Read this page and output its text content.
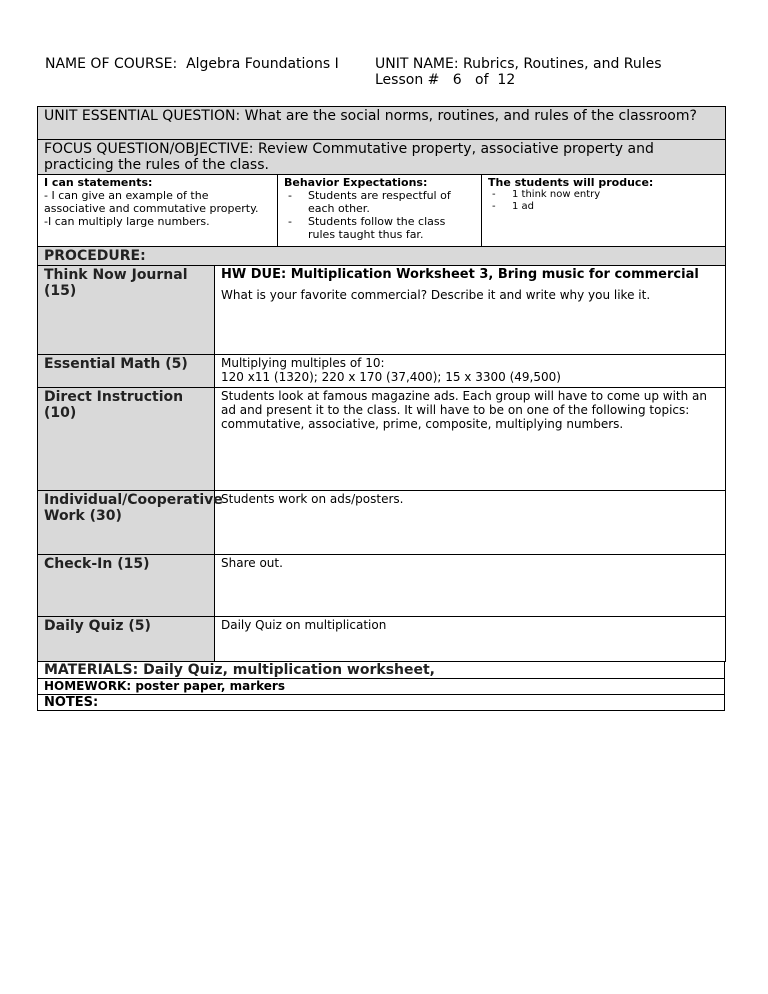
NAME OF COURSE: Algebra Foundations I	UNIT NAME: Rubrics, Routines, and Rules
Lesson # 6 of 12
UNIT ESSENTIAL QUESTION: What are the social norms, routines, and rules of the classroom?
FOCUS QUESTION/OBJECTIVE: Review Commutative property, associative property and practicing the rules of the class.

I can statements:
- I can give an example of the
associative and commutative property.
-I can multiply large numbers.

Behavior Expectations:
- Students are respectful of each other.
- Students follow the class rules taught thus far.

The students will produce:
- 1 think now entry
- 1 ad
PROCEDURE:	
Think Now Journal (15)	HW DUE: Multiplication Worksheet 3, Bring music for commercial
What is your favorite commercial? Describe it and write why you like it.

Essential Math (5)	Multiplying multiples of 10:
120 x11 (1320); 220 x 170 (37,400); 15 x 3300 (49,500)

Direct Instruction (10)	Students look at famous magazine ads. Each group will have to come up with an ad and present it to the class. It will have to be on one of the following topics: commutative, associative, prime, composite, multiplying numbers.
Individual/Cooperative Work (30)	Students work on ads/posters.
Check-In (15)	Share out.
Daily Quiz (5)	Daily Quiz on multiplication
MATERIALS: Daily Quiz, multiplication worksheet,
HOMEWORK: poster paper, markers
NOTES:
